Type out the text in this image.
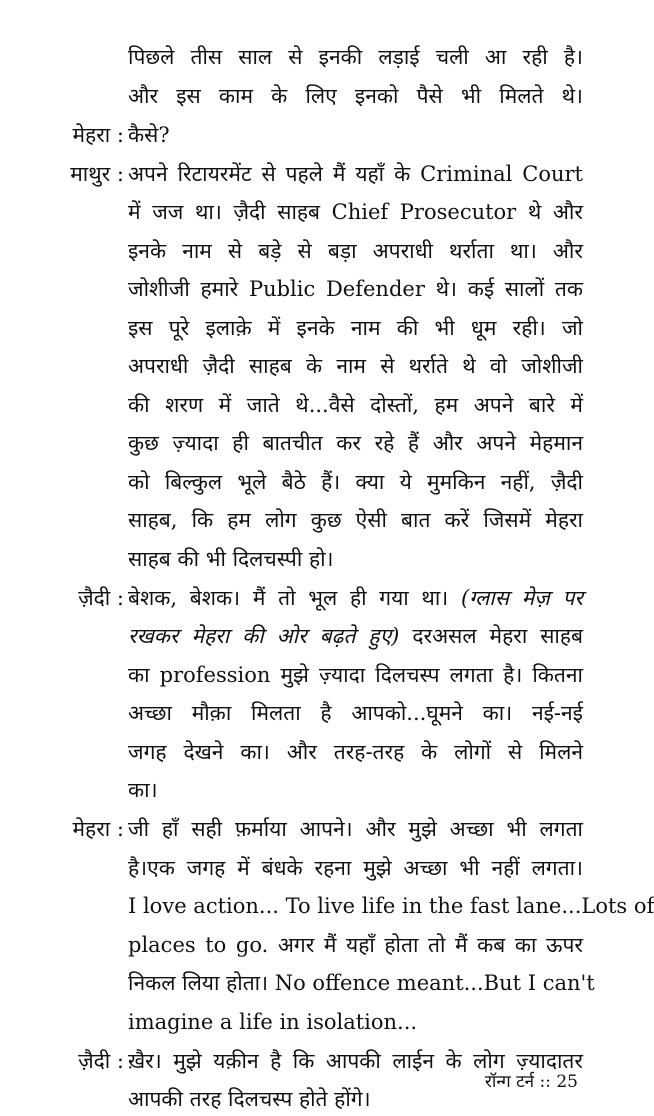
पिछले तीस साल से इनकी लड़ाई चली आ रही है।
और इस काम के लिए इनको पैसे भी मिलते थे।
मेहरा : कैसे?
माथुर : अपने रिटायरमेंट से पहले मैं यहाँ के Criminal Court
में जज था। ज़ैदी साहब Chief Prosecutor थे और
इनके नाम से बड़े से बड़ा अपराधी थर्राता था। और
जोशीजी हमारे Public Defender थे। कई सालों तक
इस पूरे इलाक़े में इनके नाम की भी धूम रही। जो
अपराधी ज़ैदी साहब के नाम से थर्राते थे वो जोशीजी
की शरण में जाते थे...वैसे दोस्तों, हम अपने बारे में
कुछ ज़्यादा ही बातचीत कर रहे हैं और अपने मेहमान
को बिल्कुल भूले बैठे हैं। क्या ये मुमकिन नहीं, ज़ैदी
साहब, कि हम लोग कुछ ऐसी बात करें जिसमें मेहरा
साहब की भी दिलचस्पी हो।
ज़ैदी : बेशक, बेशक। मैं तो भूल ही गया था। (ग्लास मेज़ पर
रखकर मेहरा की ओर बढ़ते हुए) दरअसल मेहरा साहब
का profession मुझे ज़्यादा दिलचस्प लगता है। कितना
अच्छा मौक़ा मिलता है आपको...घूमने का। नई-नई
जगह देखने का। और तरह-तरह के लोगों से मिलने
का।
मेहरा : जी हाँ सही फ़र्माया आपने। और मुझे अच्छा भी लगता
है।एक जगह में बंधके रहना मुझे अच्छा भी नहीं लगता।
I love action... To live life in the fast lane...Lots of
places to go. अगर मैं यहाँ होता तो मैं कब का ऊपर
निकल लिया होता। No offence meant...But I can't
imagine a life in isolation...
ज़ैदी : ख़ैर। मुझे यक़ीन है कि आपकी लाईन के लोग ज़्यादातर
आपकी तरह दिलचस्प होते होंगे।
रॉन्ग टर्न :: 25
